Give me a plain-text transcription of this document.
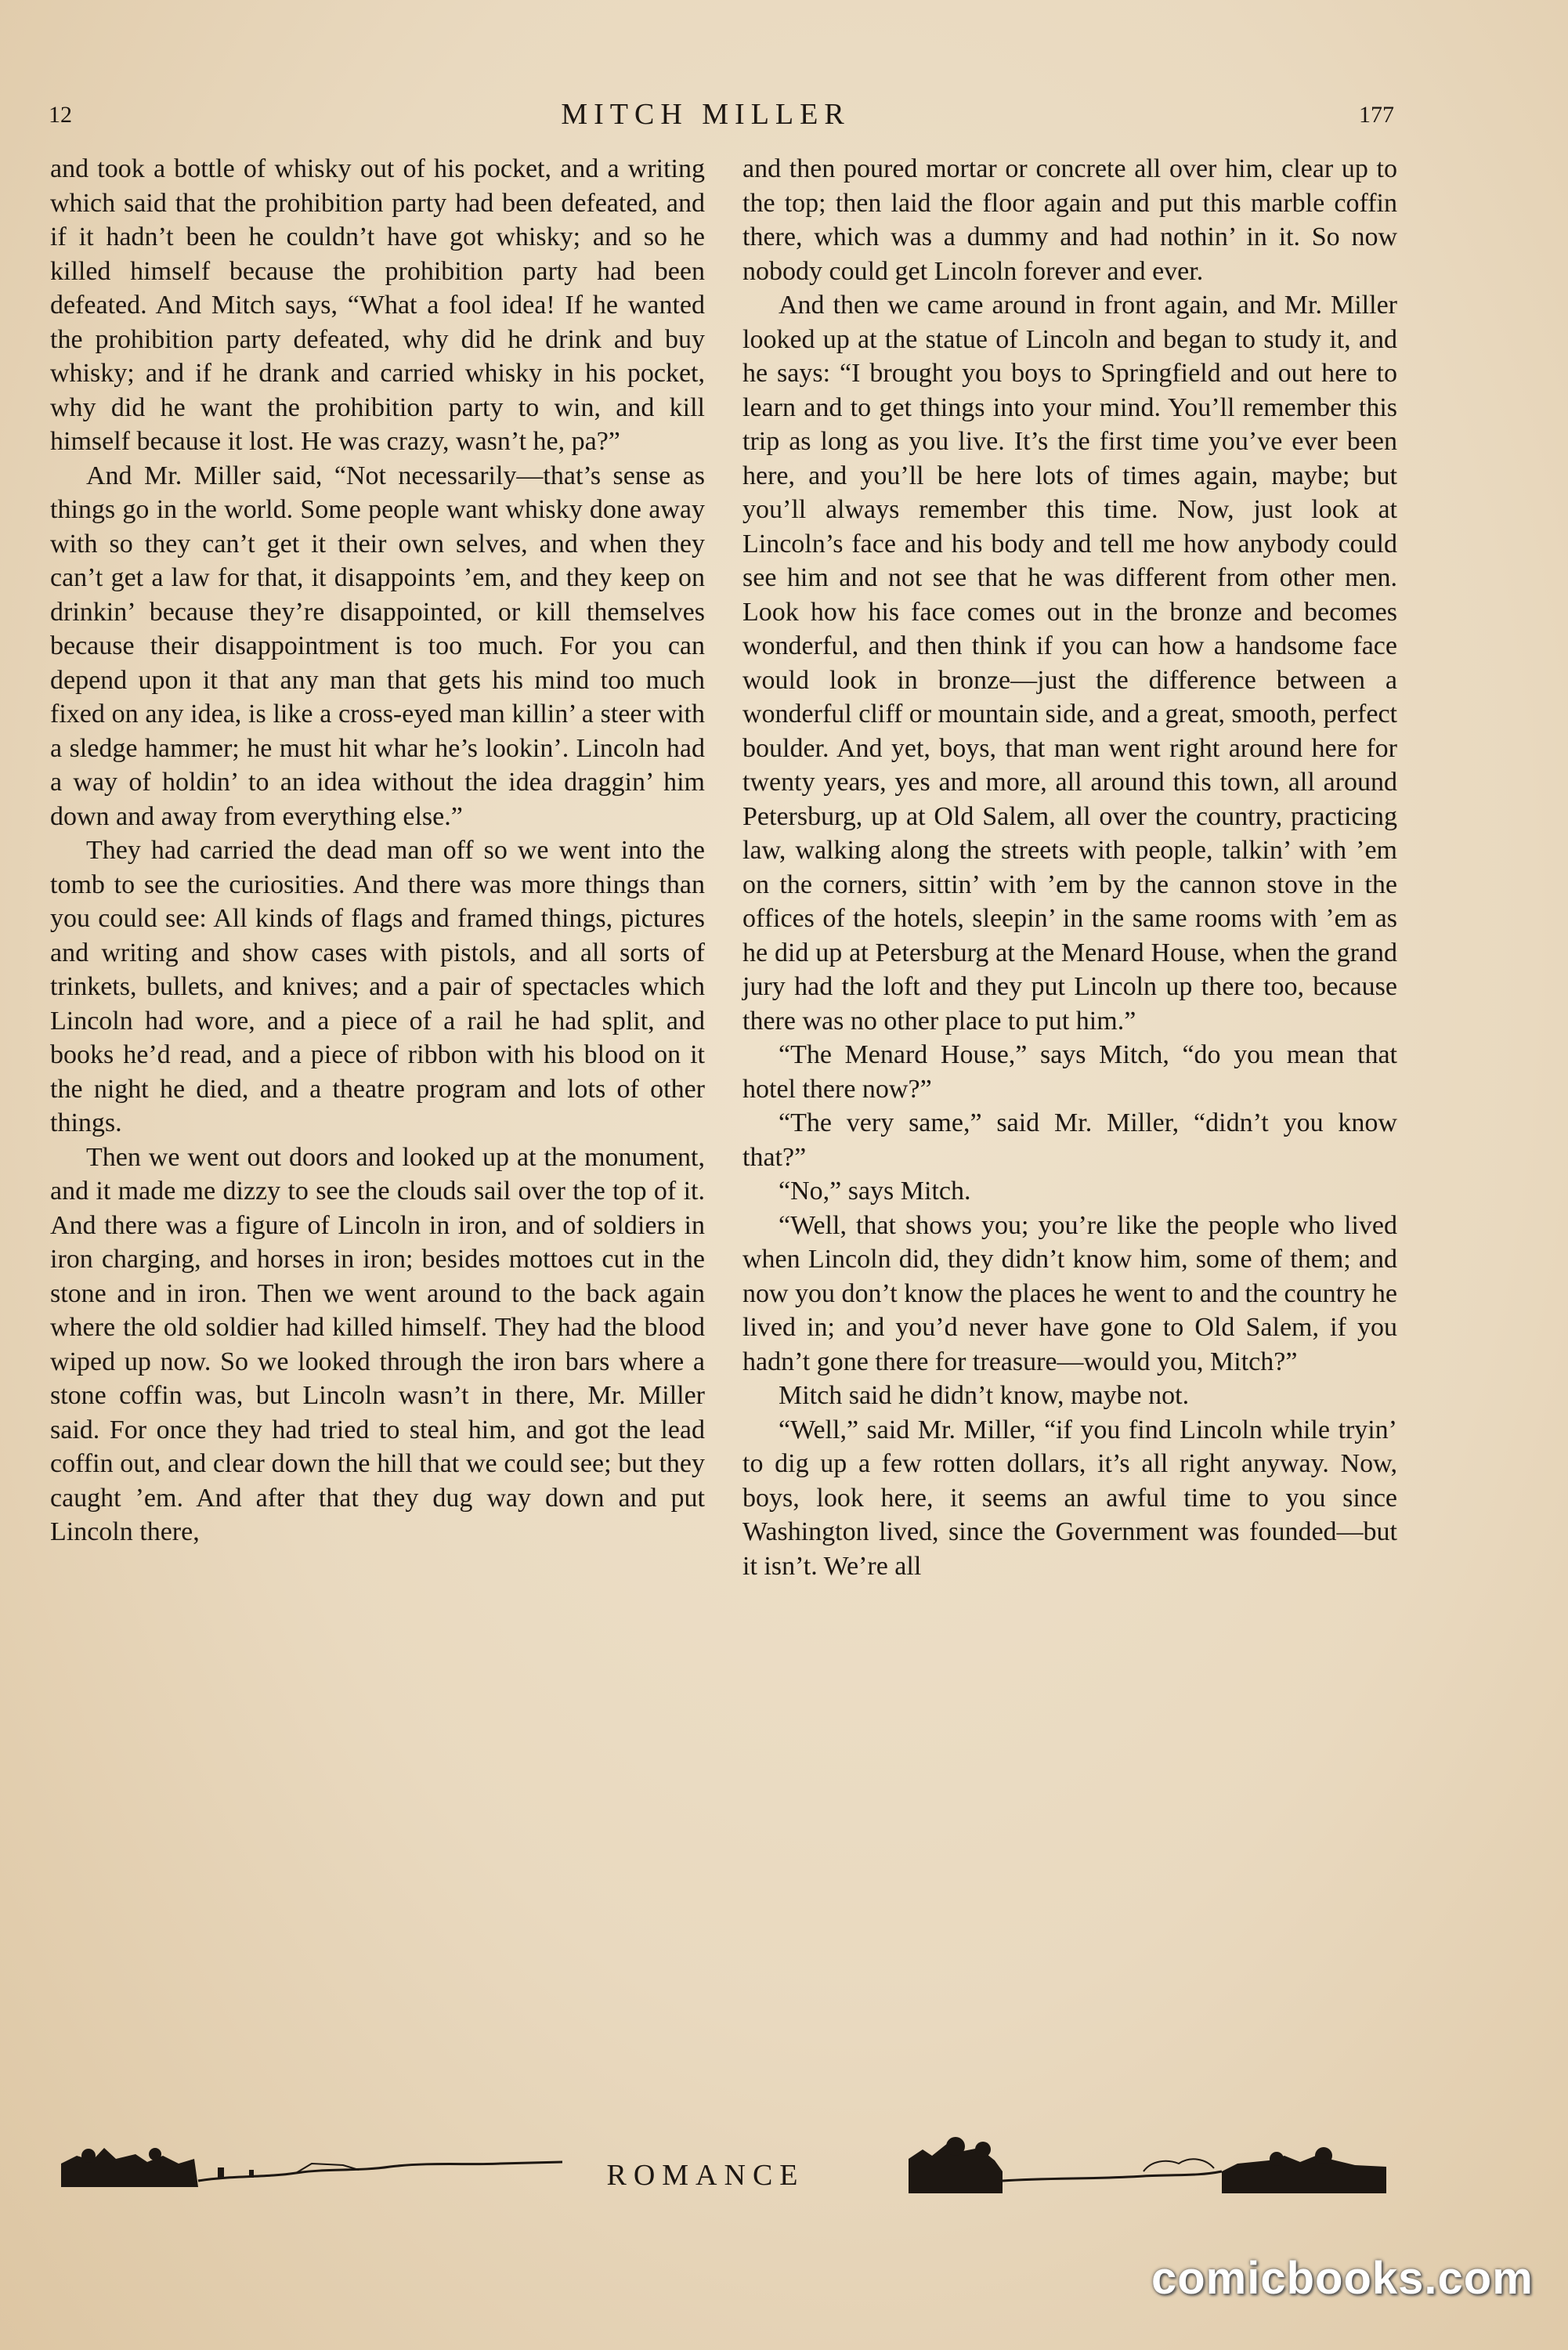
12	MITCH MILLER	177

and took a bottle of whisky out of his pocket, and a writing which said that the prohibition party had been defeated, and if it hadn’t been he couldn’t have got whisky; and so he killed himself because the prohibition party had been defeated. And Mitch says, “What a fool idea! If he wanted the prohibition party defeated, why did he drink and buy whisky; and if he drank and carried whisky in his pocket, why did he want the prohibition party to win, and kill himself because it lost. He was crazy, wasn’t he, pa?”

And Mr. Miller said, “Not necessarily—that’s sense as things go in the world. Some people want whisky done away with so they can’t get it their own selves, and when they can’t get a law for that, it disappoints ’em, and they keep on drinkin’ because they’re disappointed, or kill themselves because their disappointment is too much. For you can depend upon it that any man that gets his mind too much fixed on any idea, is like a cross-eyed man killin’ a steer with a sledge hammer; he must hit whar he’s lookin’. Lincoln had a way of holdin’ to an idea without the idea draggin’ him down and away from everything else.”

They had carried the dead man off so we went into the tomb to see the curiosities. And there was more things than you could see: All kinds of flags and framed things, pictures and writing and show cases with pistols, and all sorts of trinkets, bullets, and knives; and a pair of spectacles which Lincoln had wore, and a piece of a rail he had split, and books he’d read, and a piece of ribbon with his blood on it the night he died, and a theatre program and lots of other things.

Then we went out doors and looked up at the monument, and it made me dizzy to see the clouds sail over the top of it. And there was a figure of Lincoln in iron, and of soldiers in iron charging, and horses in iron; besides mottoes cut in the stone and in iron. Then we went around to the back again where the old soldier had killed himself. They had the blood wiped up now. So we looked through the iron bars where a stone coffin was, but Lincoln wasn’t in there, Mr. Miller said. For once they had tried to steal him, and got the lead coffin out, and clear down the hill that we could see; but they caught ’em. And after that they dug way down and put Lincoln there,

and then poured mortar or concrete all over him, clear up to the top; then laid the floor again and put this marble coffin there, which was a dummy and had nothin’ in it. So now nobody could get Lincoln forever and ever.

And then we came around in front again, and Mr. Miller looked up at the statue of Lincoln and began to study it, and he says: “I brought you boys to Springfield and out here to learn and to get things into your mind. You’ll remember this trip as long as you live. It’s the first time you’ve ever been here, and you’ll be here lots of times again, maybe; but you’ll always remember this time. Now, just look at Lincoln’s face and his body and tell me how anybody could see him and not see that he was different from other men. Look how his face comes out in the bronze and becomes wonderful, and then think if you can how a handsome face would look in bronze—just the difference between a wonderful cliff or mountain side, and a great, smooth, perfect boulder. And yet, boys, that man went right around here for twenty years, yes and more, all around this town, all around Petersburg, up at Old Salem, all over the country, practicing law, walking along the streets with people, talkin’ with ’em on the corners, sittin’ with ’em by the cannon stove in the offices of the hotels, sleepin’ in the same rooms with ’em as he did up at Petersburg at the Menard House, when the grand jury had the loft and they put Lincoln up there too, because there was no other place to put him.”

“The Menard House,” says Mitch, “do you mean that hotel there now?”

“The very same,” said Mr. Miller, “didn’t you know that?”

“No,” says Mitch.

“Well, that shows you; you’re like the people who lived when Lincoln did, they didn’t know him, some of them; and now you don’t know the places he went to and the country he lived in; and you’d never have gone to Old Salem, if you hadn’t gone there for treasure—would you, Mitch?”

Mitch said he didn’t know, maybe not.

“Well,” said Mr. Miller, “if you find Lincoln while tryin’ to dig up a few rotten dollars, it’s all right anyway. Now, boys, look here, it seems an awful time to you since Washington lived, since the Government was founded—but it isn’t. We’re all

ROMANCE
comicbooks.com
